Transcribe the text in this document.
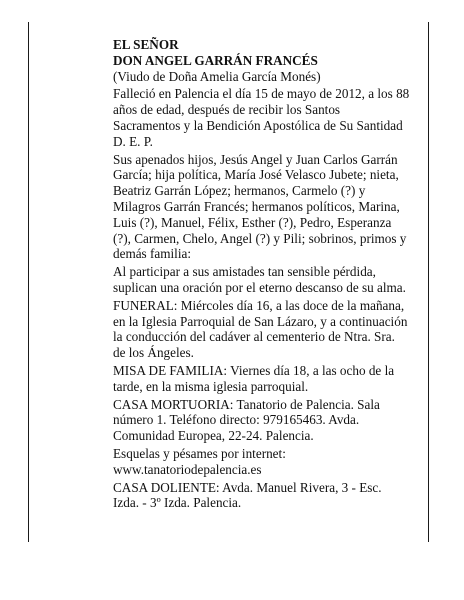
EL SEÑOR
DON ANGEL GARRÁN FRANCÉS
(Viudo de Doña Amelia García Monés)
Falleció en Palencia el día 15 de mayo de 2012, a los 88
años de edad, después de recibir los Santos
Sacramentos y la Bendición Apostólica de Su Santidad
D. E. P.
Sus apenados hijos, Jesús Angel y Juan Carlos Garrán
García; hija política, María José Velasco Jubete; nieta,
Beatriz Garrán López; hermanos, Carmelo (?) y
Milagros Garrán Francés; hermanos políticos, Marina,
Luis (?), Manuel, Félix, Esther (?), Pedro, Esperanza
(?), Carmen, Chelo, Angel (?) y Pili; sobrinos, primos y
demás familia:
Al participar a sus amistades tan sensible pérdida,
suplican una oración por el eterno descanso de su alma.
FUNERAL: Miércoles día 16, a las doce de la mañana,
en la Iglesia Parroquial de San Lázaro, y a continuación
la conducción del cadáver al cementerio de Ntra. Sra.
de los Ángeles.
MISA DE FAMILIA: Viernes día 18, a las ocho de la
tarde, en la misma iglesia parroquial.
CASA MORTUORIA: Tanatorio de Palencia. Sala
número 1. Teléfono directo: 979165463. Avda.
Comunidad Europea, 22-24. Palencia.
Esquelas y pésames por internet:
www.tanatoriodepalencia.es
CASA DOLIENTE: Avda. Manuel Rivera, 3 - Esc.
Izda. - 3º Izda. Palencia.
